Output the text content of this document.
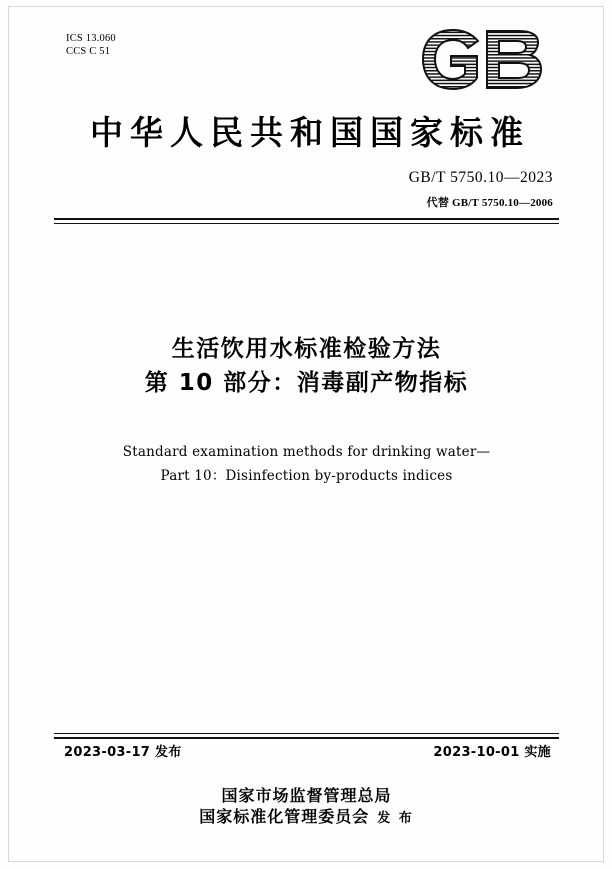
ICS 13.060
CCS C 51
中华人民共和国国家标准
GB/T 5750.10—2023
代替 GB/T 5750.10—2006
生活饮用水标准检验方法
第 10 部分：消毒副产物指标
Standard examination methods for drinking water—
Part 10：Disinfection by-products indices
2023-03-17 发布	2023-10-01 实施
国家市场监督管理总局
国家标准化管理委员会 发 布
